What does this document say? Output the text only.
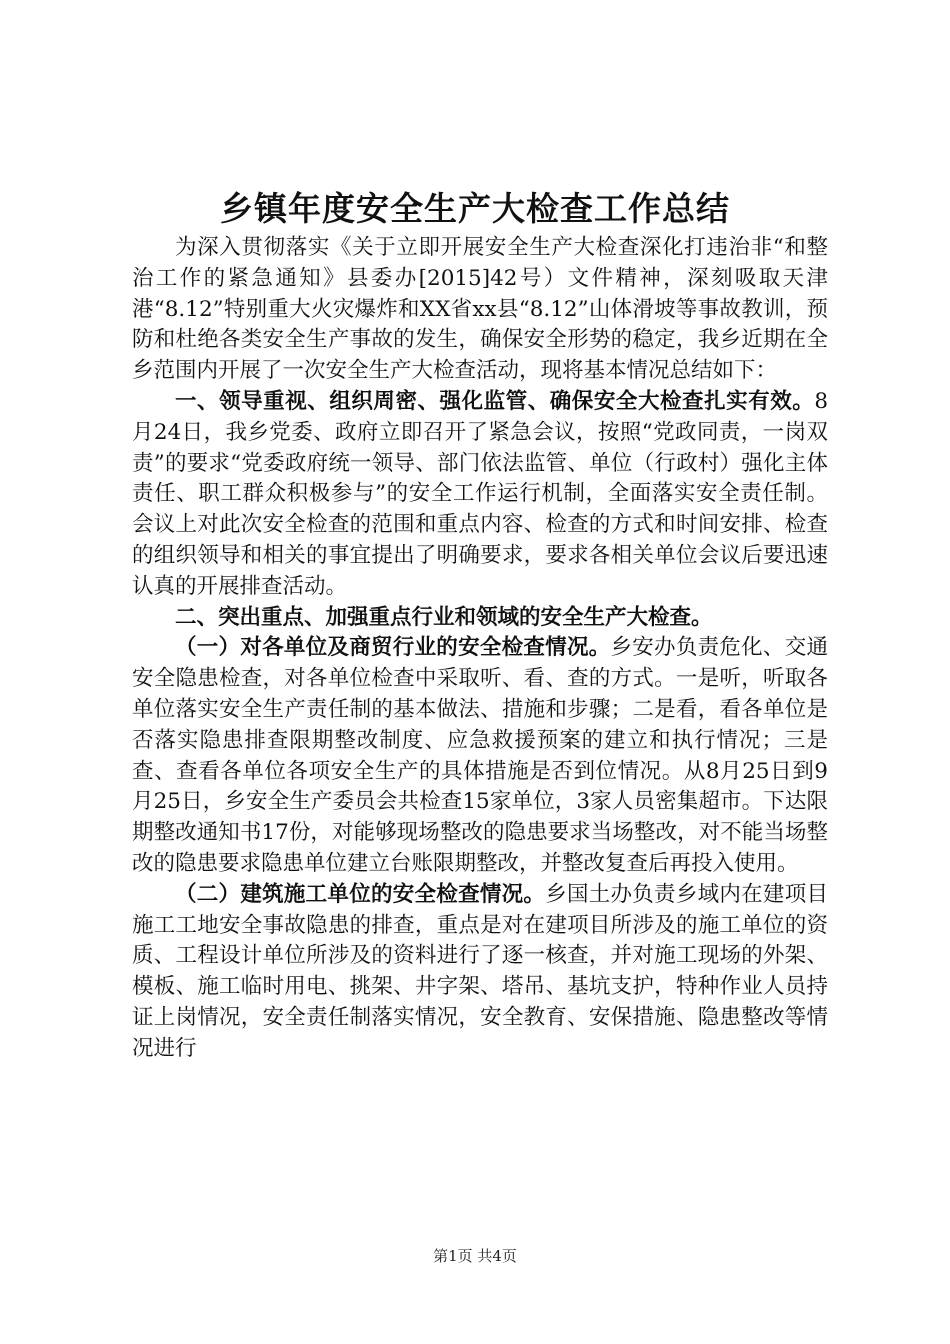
乡镇年度安全生产大检查工作总结

为深入贯彻落实《关于立即开展安全生产大检查深化打违治非“和整治工作的紧急通知》县委办[2015]42号）文件精神，深刻吸取天津港“8.12”特别重大火灾爆炸和XX省xx县“8.12”山体滑坡等事故教训，预防和杜绝各类安全生产事故的发生，确保安全形势的稳定，我乡近期在全乡范围内开展了一次安全生产大检查活动，现将基本情况总结如下：

一、领导重视、组织周密、强化监管、确保安全大检查扎实有效。8月24日，我乡党委、政府立即召开了紧急会议，按照“党政同责，一岗双责”的要求“党委政府统一领导、部门依法监管、单位（行政村）强化主体责任、职工群众积极参与”的安全工作运行机制，全面落实安全责任制。会议上对此次安全检查的范围和重点内容、检查的方式和时间安排、检查的组织领导和相关的事宜提出了明确要求，要求各相关单位会议后要迅速认真的开展排查活动。

二、突出重点、加强重点行业和领域的安全生产大检查。

（一）对各单位及商贸行业的安全检查情况。乡安办负责危化、交通安全隐患检查，对各单位检查中采取听、看、查的方式。一是听，听取各单位落实安全生产责任制的基本做法、措施和步骤；二是看，看各单位是否落实隐患排查限期整改制度、应急救援预案的建立和执行情况；三是查、查看各单位各项安全生产的具体措施是否到位情况。从8月25日到9月25日，乡安全生产委员会共检查15家单位，3家人员密集超市。下达限期整改通知书17份，对能够现场整改的隐患要求当场整改，对不能当场整改的隐患要求隐患单位建立台账限期整改，并整改复查后再投入使用。

（二）建筑施工单位的安全检查情况。乡国土办负责乡域内在建项目施工工地安全事故隐患的排查，重点是对在建项目所涉及的施工单位的资质、工程设计单位所涉及的资料进行了逐一核查，并对施工现场的外架、模板、施工临时用电、挑架、井字架、塔吊、基坑支护，特种作业人员持证上岗情况，安全责任制落实情况，安全教育、安保措施、隐患整改等情况进行

第1页 共4页
